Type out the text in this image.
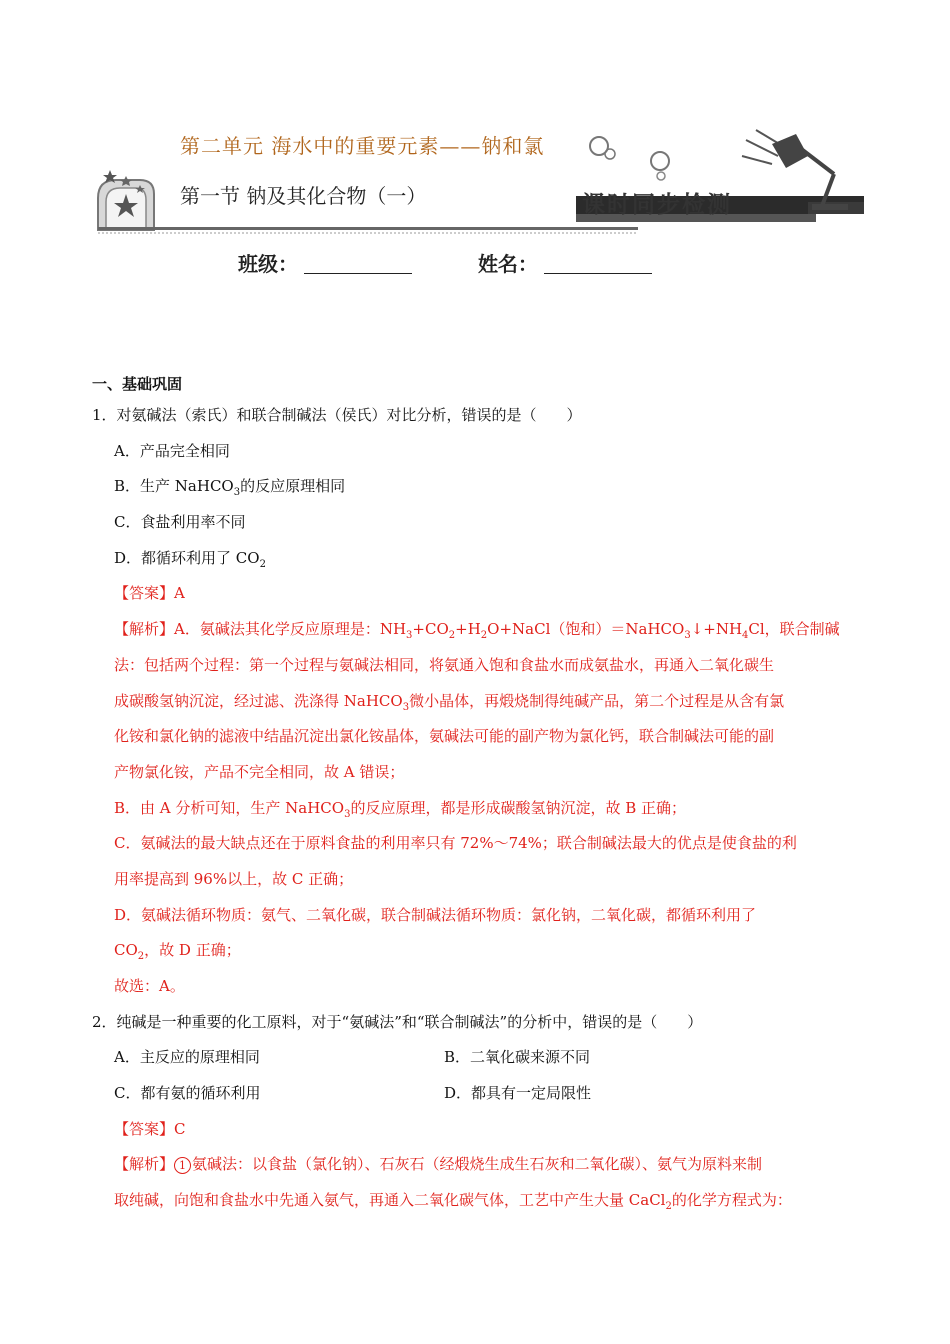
第二单元 海水中的重要元素——钠和氯
第一节 钠及其化合物（一）	课时同步检测
班级：	姓名：
一、基础巩固
1．对氨碱法（索氏）和联合制碱法（侯氏）对比分析，错误的是（　　）
A．产品完全相同
B．生产 NaHCO$_3$的反应原理相同
C．食盐利用率不同
D．都循环利用了 $CO_2$
【答案】A
【解析】A．氨碱法其化学反应原理是：$NH_3+CO_2+H_2O+NaCl$（饱和）$=NaHCO_3↓+NH_4Cl$，联合制碱
法：包括两个过程：第一个过程与氨碱法相同，将氨通入饱和食盐水而成氨盐水，再通入二氧化碳生
成碳酸氢钠沉淀，经过滤、洗涤得 NaHCO$_3$微小晶体，再煅烧制得纯碱产品，第二个过程是从含有氯
化铵和氯化钠的滤液中结晶沉淀出氯化铵晶体，氨碱法可能的副产物为氯化钙，联合制碱法可能的副
产物氯化铵，产品不完全相同，故 A 错误；
B．由 A 分析可知，生产 NaHCO$_3$的反应原理，都是形成碳酸氢钠沉淀，故 B 正确；
C．氨碱法的最大缺点还在于原料食盐的利用率只有 72%～74%；联合制碱法最大的优点是使食盐的利
用率提高到 96%以上，故 C 正确；
D．氨碱法循环物质：氨气、二氧化碳，联合制碱法循环物质：氯化钠，二氧化碳，都循环利用了
$CO_2$，故 D 正确；
故选：A。
2．纯碱是一种重要的化工原料，对于“氨碱法”和“联合制碱法”的分析中，错误的是（　　）
A．主反应的原理相同	B．二氧化碳来源不同
C．都有氨的循环利用	D．都具有一定局限性
【答案】C
【解析】 1 氨碱法：以食盐（氯化钠）、石灰石（经煅烧生成生石灰和二氧化碳）、氨气为原料来制
取纯碱，向饱和食盐水中先通入氨气，再通入二氧化碳气体，工艺中产生大量 CaCl$_2$的化学方程式为：
